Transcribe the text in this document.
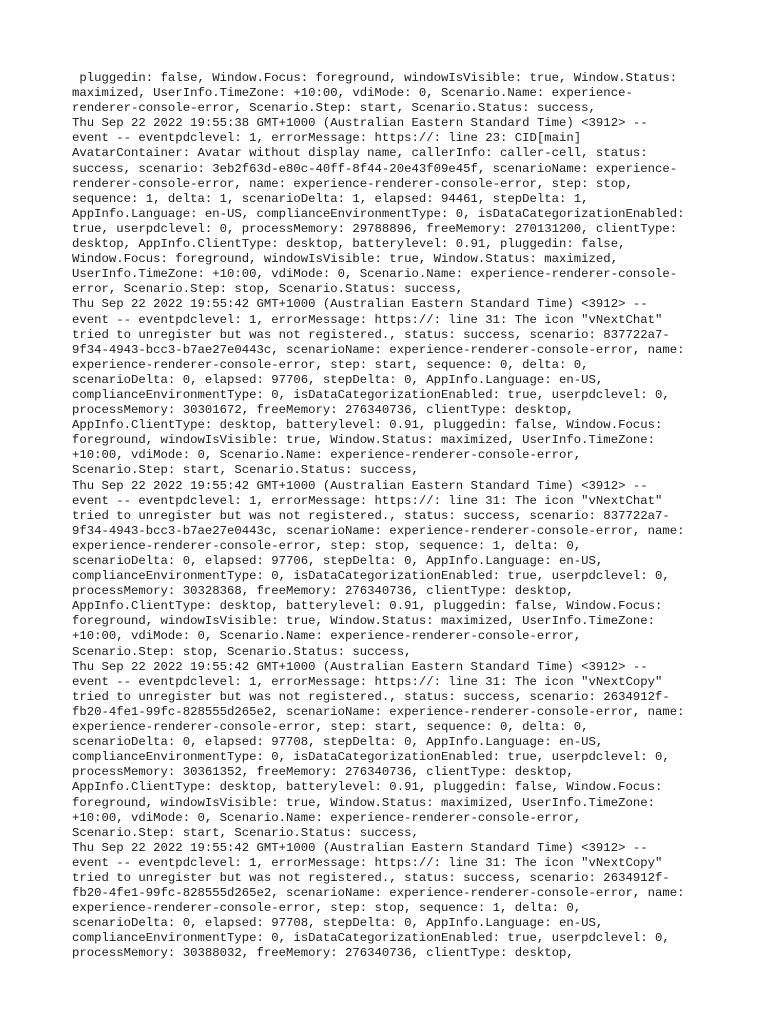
pluggedin: false, Window.Focus: foreground, windowIsVisible: true, Window.Status:
maximized, UserInfo.TimeZone: +10:00, vdiMode: 0, Scenario.Name: experience-
renderer-console-error, Scenario.Step: start, Scenario.Status: success,
Thu Sep 22 2022 19:55:38 GMT+1000 (Australian Eastern Standard Time) <3912> --
event -- eventpdclevel: 1, errorMessage: https://: line 23: CID[main]
AvatarContainer: Avatar without display name, callerInfo: caller-cell, status:
success, scenario: 3eb2f63d-e80c-40ff-8f44-20e43f09e45f, scenarioName: experience-
renderer-console-error, name: experience-renderer-console-error, step: stop,
sequence: 1, delta: 1, scenarioDelta: 1, elapsed: 94461, stepDelta: 1,
AppInfo.Language: en-US, complianceEnvironmentType: 0, isDataCategorizationEnabled:
true, userpdclevel: 0, processMemory: 29788896, freeMemory: 270131200, clientType:
desktop, AppInfo.ClientType: desktop, batterylevel: 0.91, pluggedin: false,
Window.Focus: foreground, windowIsVisible: true, Window.Status: maximized,
UserInfo.TimeZone: +10:00, vdiMode: 0, Scenario.Name: experience-renderer-console-
error, Scenario.Step: stop, Scenario.Status: success,
Thu Sep 22 2022 19:55:42 GMT+1000 (Australian Eastern Standard Time) <3912> --
event -- eventpdclevel: 1, errorMessage: https://: line 31: The icon "vNextChat"
tried to unregister but was not registered., status: success, scenario: 837722a7-
9f34-4943-bcc3-b7ae27e0443c, scenarioName: experience-renderer-console-error, name:
experience-renderer-console-error, step: start, sequence: 0, delta: 0,
scenarioDelta: 0, elapsed: 97706, stepDelta: 0, AppInfo.Language: en-US,
complianceEnvironmentType: 0, isDataCategorizationEnabled: true, userpdclevel: 0,
processMemory: 30301672, freeMemory: 276340736, clientType: desktop,
AppInfo.ClientType: desktop, batterylevel: 0.91, pluggedin: false, Window.Focus:
foreground, windowIsVisible: true, Window.Status: maximized, UserInfo.TimeZone:
+10:00, vdiMode: 0, Scenario.Name: experience-renderer-console-error,
Scenario.Step: start, Scenario.Status: success,
Thu Sep 22 2022 19:55:42 GMT+1000 (Australian Eastern Standard Time) <3912> --
event -- eventpdclevel: 1, errorMessage: https://: line 31: The icon "vNextChat"
tried to unregister but was not registered., status: success, scenario: 837722a7-
9f34-4943-bcc3-b7ae27e0443c, scenarioName: experience-renderer-console-error, name:
experience-renderer-console-error, step: stop, sequence: 1, delta: 0,
scenarioDelta: 0, elapsed: 97706, stepDelta: 0, AppInfo.Language: en-US,
complianceEnvironmentType: 0, isDataCategorizationEnabled: true, userpdclevel: 0,
processMemory: 30328368, freeMemory: 276340736, clientType: desktop,
AppInfo.ClientType: desktop, batterylevel: 0.91, pluggedin: false, Window.Focus:
foreground, windowIsVisible: true, Window.Status: maximized, UserInfo.TimeZone:
+10:00, vdiMode: 0, Scenario.Name: experience-renderer-console-error,
Scenario.Step: stop, Scenario.Status: success,
Thu Sep 22 2022 19:55:42 GMT+1000 (Australian Eastern Standard Time) <3912> --
event -- eventpdclevel: 1, errorMessage: https://: line 31: The icon "vNextCopy"
tried to unregister but was not registered., status: success, scenario: 2634912f-
fb20-4fe1-99fc-828555d265e2, scenarioName: experience-renderer-console-error, name:
experience-renderer-console-error, step: start, sequence: 0, delta: 0,
scenarioDelta: 0, elapsed: 97708, stepDelta: 0, AppInfo.Language: en-US,
complianceEnvironmentType: 0, isDataCategorizationEnabled: true, userpdclevel: 0,
processMemory: 30361352, freeMemory: 276340736, clientType: desktop,
AppInfo.ClientType: desktop, batterylevel: 0.91, pluggedin: false, Window.Focus:
foreground, windowIsVisible: true, Window.Status: maximized, UserInfo.TimeZone:
+10:00, vdiMode: 0, Scenario.Name: experience-renderer-console-error,
Scenario.Step: start, Scenario.Status: success,
Thu Sep 22 2022 19:55:42 GMT+1000 (Australian Eastern Standard Time) <3912> --
event -- eventpdclevel: 1, errorMessage: https://: line 31: The icon "vNextCopy"
tried to unregister but was not registered., status: success, scenario: 2634912f-
fb20-4fe1-99fc-828555d265e2, scenarioName: experience-renderer-console-error, name:
experience-renderer-console-error, step: stop, sequence: 1, delta: 0,
scenarioDelta: 0, elapsed: 97708, stepDelta: 0, AppInfo.Language: en-US,
complianceEnvironmentType: 0, isDataCategorizationEnabled: true, userpdclevel: 0,
processMemory: 30388032, freeMemory: 276340736, clientType: desktop,
